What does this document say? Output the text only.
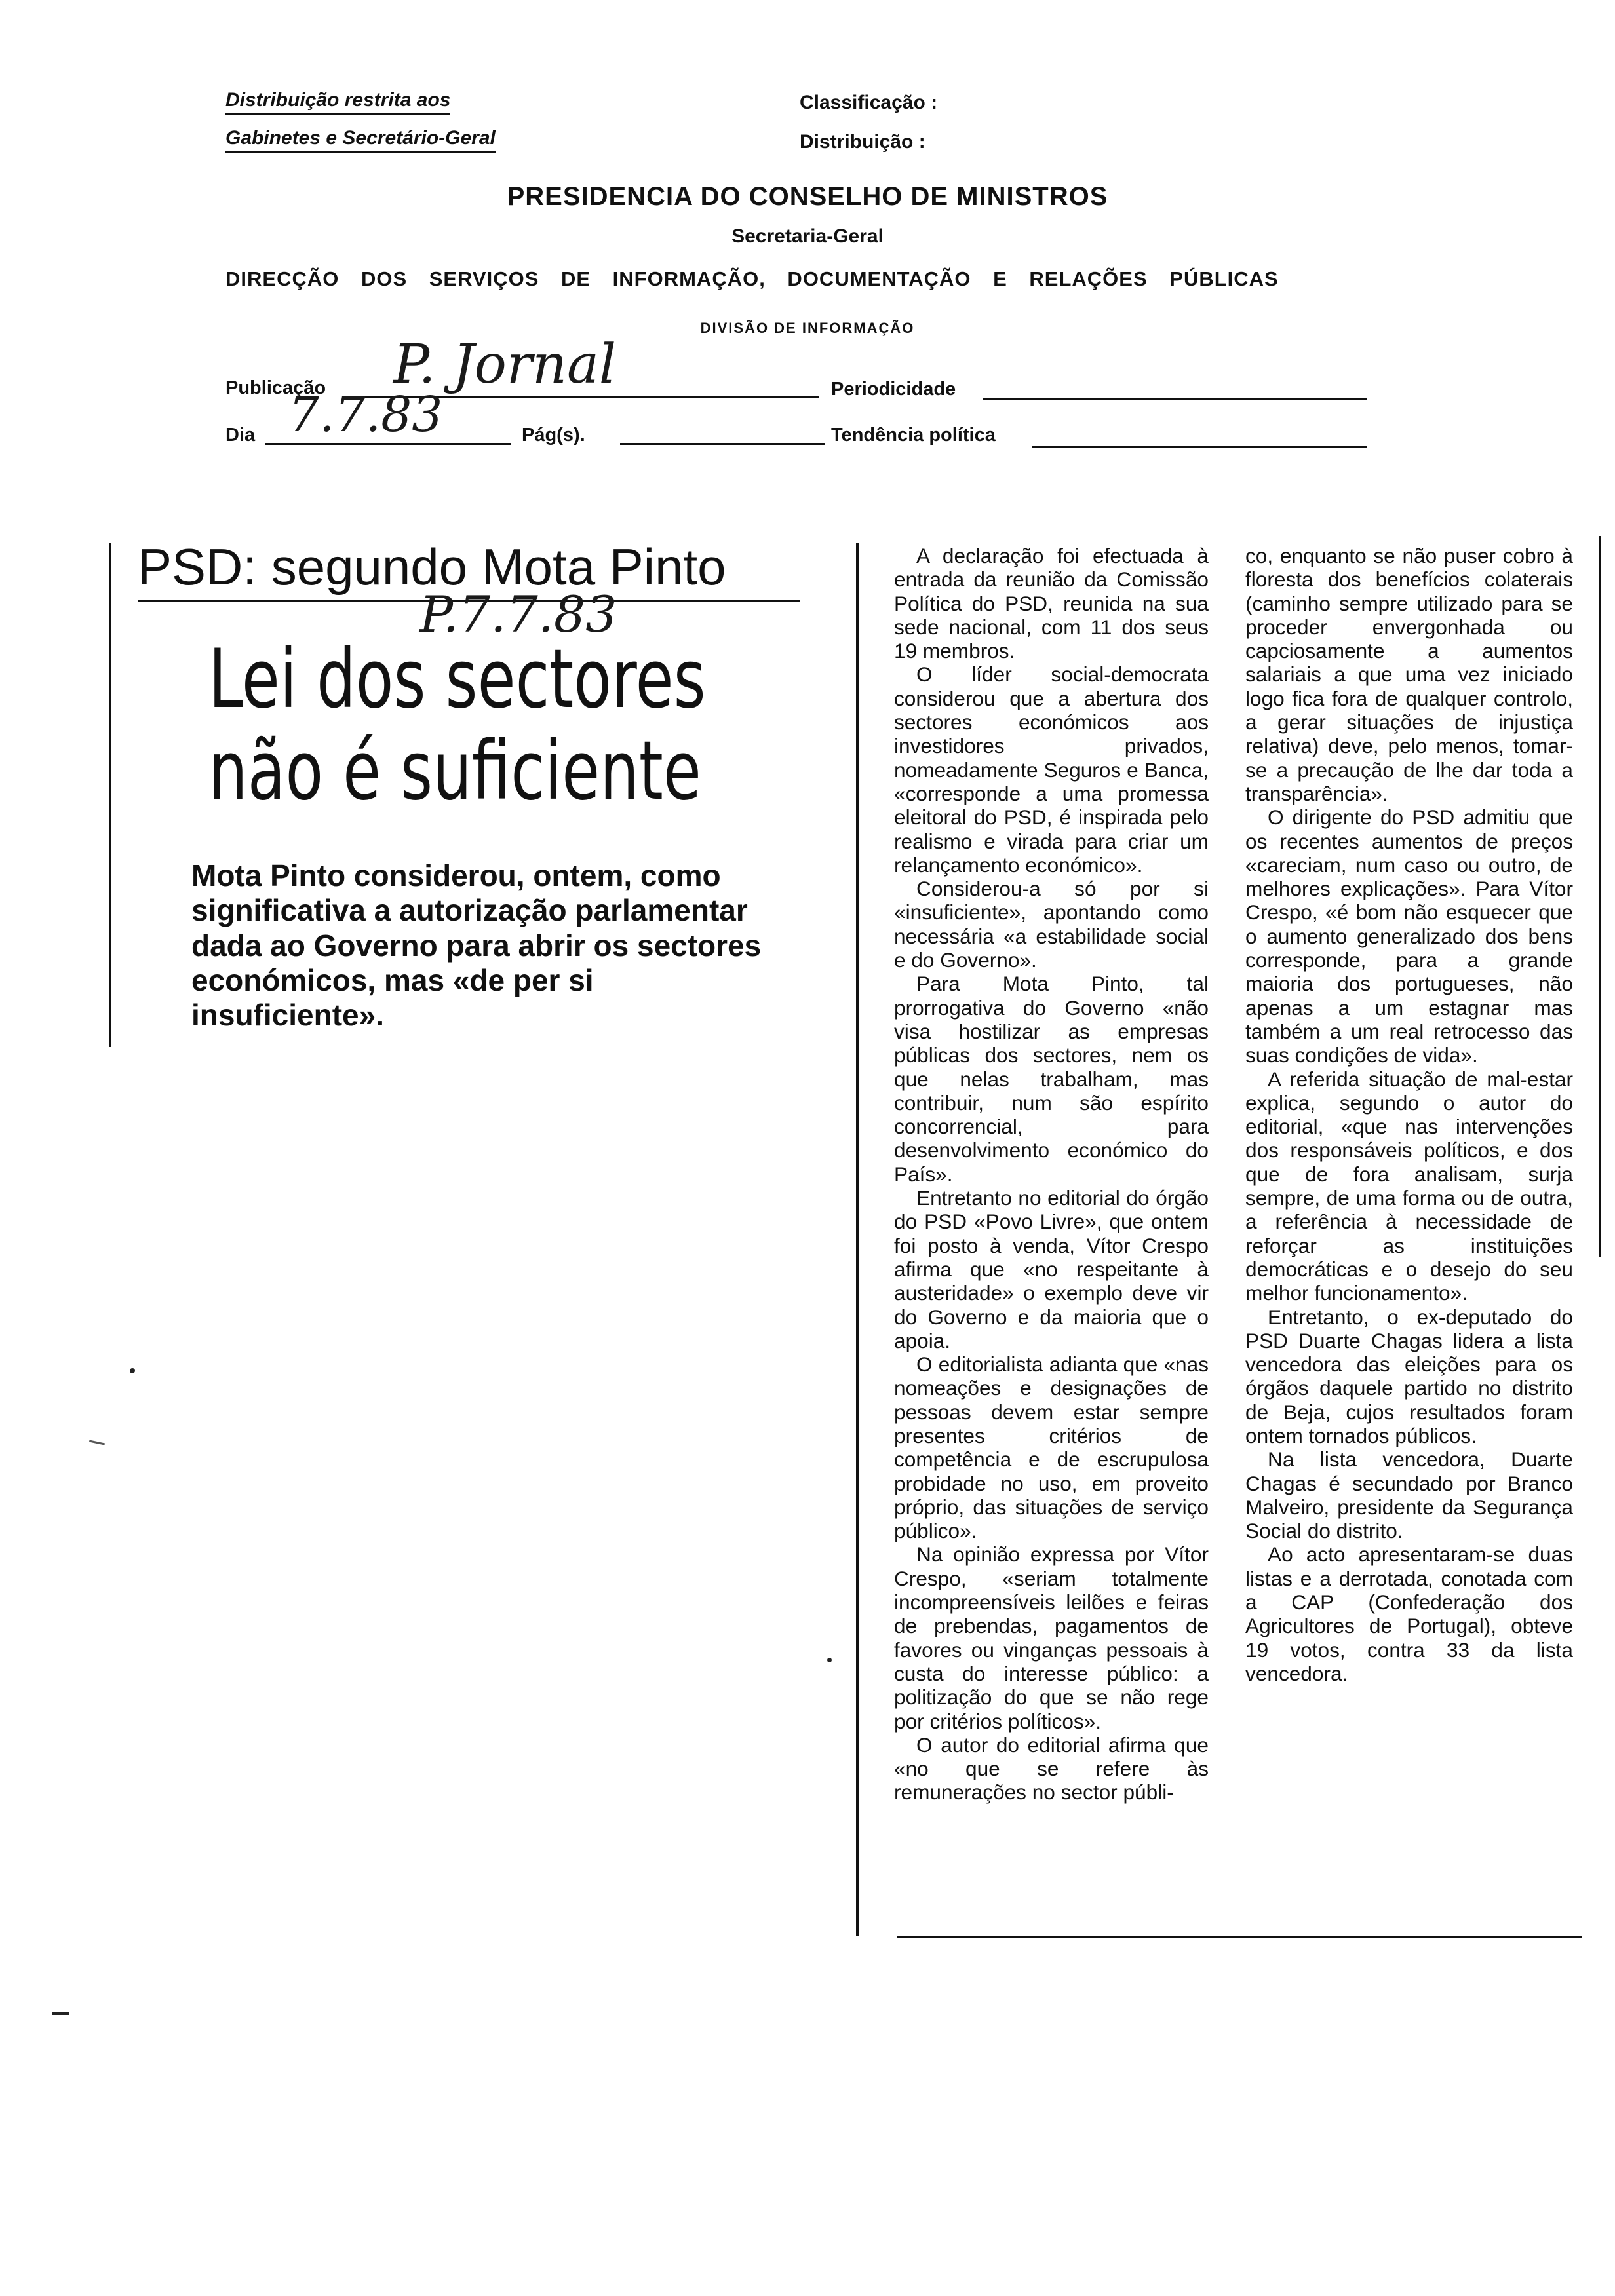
Distribuição restrita aos
Gabinetes e Secretário-Geral
Classificação :
Distribuição :
PRESIDENCIA DO CONSELHO DE MINISTROS
Secretaria-Geral
DIRECÇÃO DOS SERVIÇOS DE INFORMAÇÃO, DOCUMENTAÇÃO E RELAÇÕES PÚBLICAS
DIVISÃO DE INFORMAÇÃO
Publicação P. Jornal	Periodicidade
Dia 7.7.83	Pág(s).	Tendência política
PSD: segundo Mota Pinto
P.7.7.83
Lei dos sectores
não é suficiente
Mota Pinto considerou, ontem, como significativa a autorização parlamentar dada ao Governo para abrir os sectores económicos, mas «de per si insuficiente».

A declaração foi efectuada à entrada da reunião da Comissão Política do PSD, reunida na sua sede nacional, com 11 dos seus 19 membros.

O líder social-democrata considerou que a abertura dos sectores económicos aos investidores privados, nomeadamente Seguros e Banca, «corresponde a uma promessa eleitoral do PSD, é inspirada pelo realismo e virada para criar um relançamento económico».

Considerou-a só por si «insuficiente», apontando como necessária «a estabilidade social e do Governo».

Para Mota Pinto, tal prorrogativa do Governo «não visa hostilizar as empresas públicas dos sectores, nem os que nelas trabalham, mas contribuir, num são espírito concorrencial, para desenvolvimento económico do País».

Entretanto no editorial do órgão do PSD «Povo Livre», que ontem foi posto à venda, Vítor Crespo afirma que «no respeitante à austeridade» o exemplo deve vir do Governo e da maioria que o apoia.

O editorialista adianta que «nas nomeações e designações de pessoas devem estar sempre presentes critérios de competência e de escrupulosa probidade no uso, em proveito próprio, das situações de serviço público».

Na opinião expressa por Vítor Crespo, «seriam totalmente incompreensíveis leilões e feiras de prebendas, pagamentos de favores ou vinganças pessoais à custa do interesse público: a politização do que se não rege por critérios políticos».

O autor do editorial afirma que «no que se refere às remunerações no sector públi-

co, enquanto se não puser cobro à floresta dos benefícios colaterais (caminho sempre utilizado para se proceder envergonhada ou capciosamente a aumentos salariais a que uma vez iniciado logo fica fora de qualquer controlo, a gerar situações de injustiça relativa) deve, pelo menos, tomar-se a precaução de lhe dar toda a transparência».

O dirigente do PSD admitiu que os recentes aumentos de preços «careciam, num caso ou outro, de melhores explicações». Para Vítor Crespo, «é bom não esquecer que o aumento generalizado dos bens corresponde, para a grande maioria dos portugueses, não apenas a um estagnar mas também a um real retrocesso das suas condições de vida».

A referida situação de mal-estar explica, segundo o autor do editorial, «que nas intervenções dos responsáveis políticos, e dos que de fora analisam, surja sempre, de uma forma ou de outra, a referência à necessidade de reforçar as instituições democráticas e o desejo do seu melhor funcionamento».

Entretanto, o ex-deputado do PSD Duarte Chagas lidera a lista vencedora das eleições para os órgãos daquele partido no distrito de Beja, cujos resultados foram ontem tornados públicos.

Na lista vencedora, Duarte Chagas é secundado por Branco Malveiro, presidente da Segurança Social do distrito.

Ao acto apresentaram-se duas listas e a derrotada, conotada com a CAP (Confederação dos Agricultores de Portugal), obteve 19 votos, contra 33 da lista vencedora.
